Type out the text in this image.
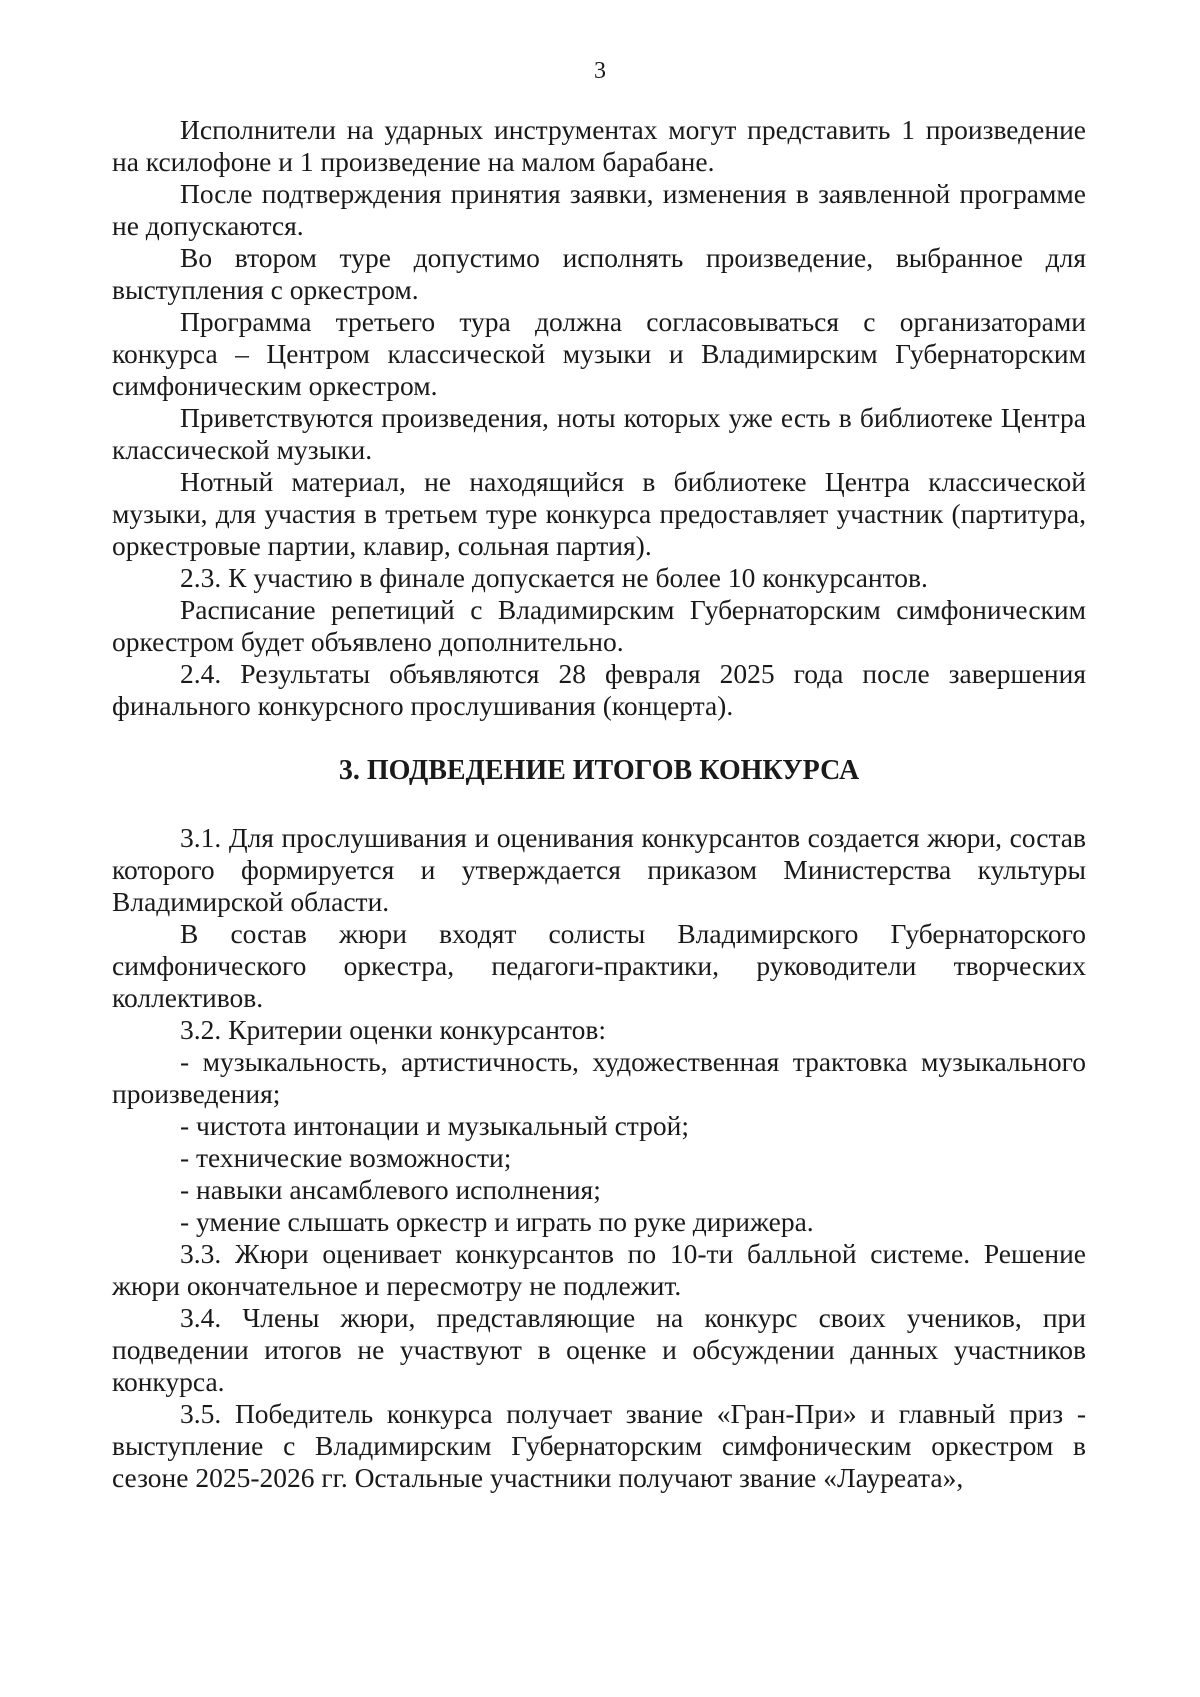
3

Исполнители на ударных инструментах могут представить 1 произведение на ксилофоне и 1 произведение на малом барабане.

После подтверждения принятия заявки, изменения в заявленной программе не допускаются.

Во втором туре допустимо исполнять произведение, выбранное для выступления с оркестром.

Программа третьего тура должна согласовываться с организаторами конкурса – Центром классической музыки и Владимирским Губернаторским симфоническим оркестром.

Приветствуются произведения, ноты которых уже есть в библиотеке Центра классической музыки.

Нотный материал, не находящийся в библиотеке Центра классической музыки, для участия в третьем туре конкурса предоставляет участник (партитура, оркестровые партии, клавир, сольная партия).

2.3. К участию в финале допускается не более 10 конкурсантов.

Расписание репетиций с Владимирским Губернаторским симфоническим оркестром будет объявлено дополнительно.

2.4. Результаты объявляются 28 февраля 2025 года после завершения финального конкурсного прослушивания (концерта).

3. ПОДВЕДЕНИЕ ИТОГОВ КОНКУРСА

3.1. Для прослушивания и оценивания конкурсантов создается жюри, состав которого формируется и утверждается приказом Министерства культуры Владимирской области.

В состав жюри входят солисты Владимирского Губернаторского симфонического оркестра, педагоги-практики, руководители творческих коллективов.

3.2. Критерии оценки конкурсантов:

- музыкальность, артистичность, художественная трактовка музыкального произведения;

- чистота интонации и музыкальный строй;

- технические возможности;

- навыки ансамблевого исполнения;

- умение слышать оркестр и играть по руке дирижера.

3.3. Жюри оценивает конкурсантов по 10-ти балльной системе. Решение жюри окончательное и пересмотру не подлежит.

3.4. Члены жюри, представляющие на конкурс своих учеников, при подведении итогов не участвуют в оценке и обсуждении данных участников конкурса.

3.5. Победитель конкурса получает звание «Гран-При» и главный приз - выступление с Владимирским Губернаторским симфоническим оркестром в сезоне 2025-2026 гг. Остальные участники получают звание «Лауреата»,
